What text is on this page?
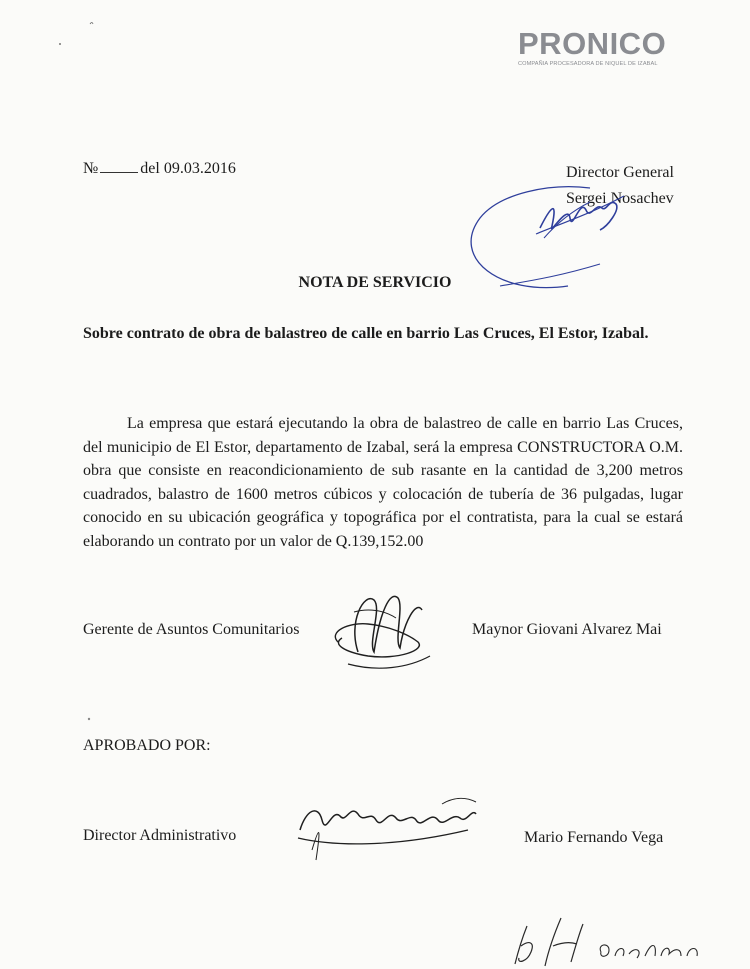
PRONICO
COMPAÑIA PROCESADORA DE NIQUEL DE IZABAL
№	del 09.03.2016	Director General
Sergei Nosachev
NOTA DE SERVICIO
Sobre contrato de obra de balastreo de calle en barrio Las Cruces, El Estor, Izabal.
La empresa que estará ejecutando la obra de balastreo de calle en barrio Las Cruces, del municipio de El Estor, departamento de Izabal, será la empresa CONSTRUCTORA O.M. obra que consiste en reacondicionamiento de sub rasante en la cantidad de 3,200 metros cuadrados, balastro de 1600 metros cúbicos y colocación de tubería de 36 pulgadas, lugar conocido en su ubicación geográfica y topográfica por el contratista, para la cual se estará elaborando un contrato por un valor de Q.139,152.00
Gerente de Asuntos Comunitarios	Maynor Giovani Alvarez Mai
APROBADO POR:
Director Administrativo	Mario Fernando Vega
